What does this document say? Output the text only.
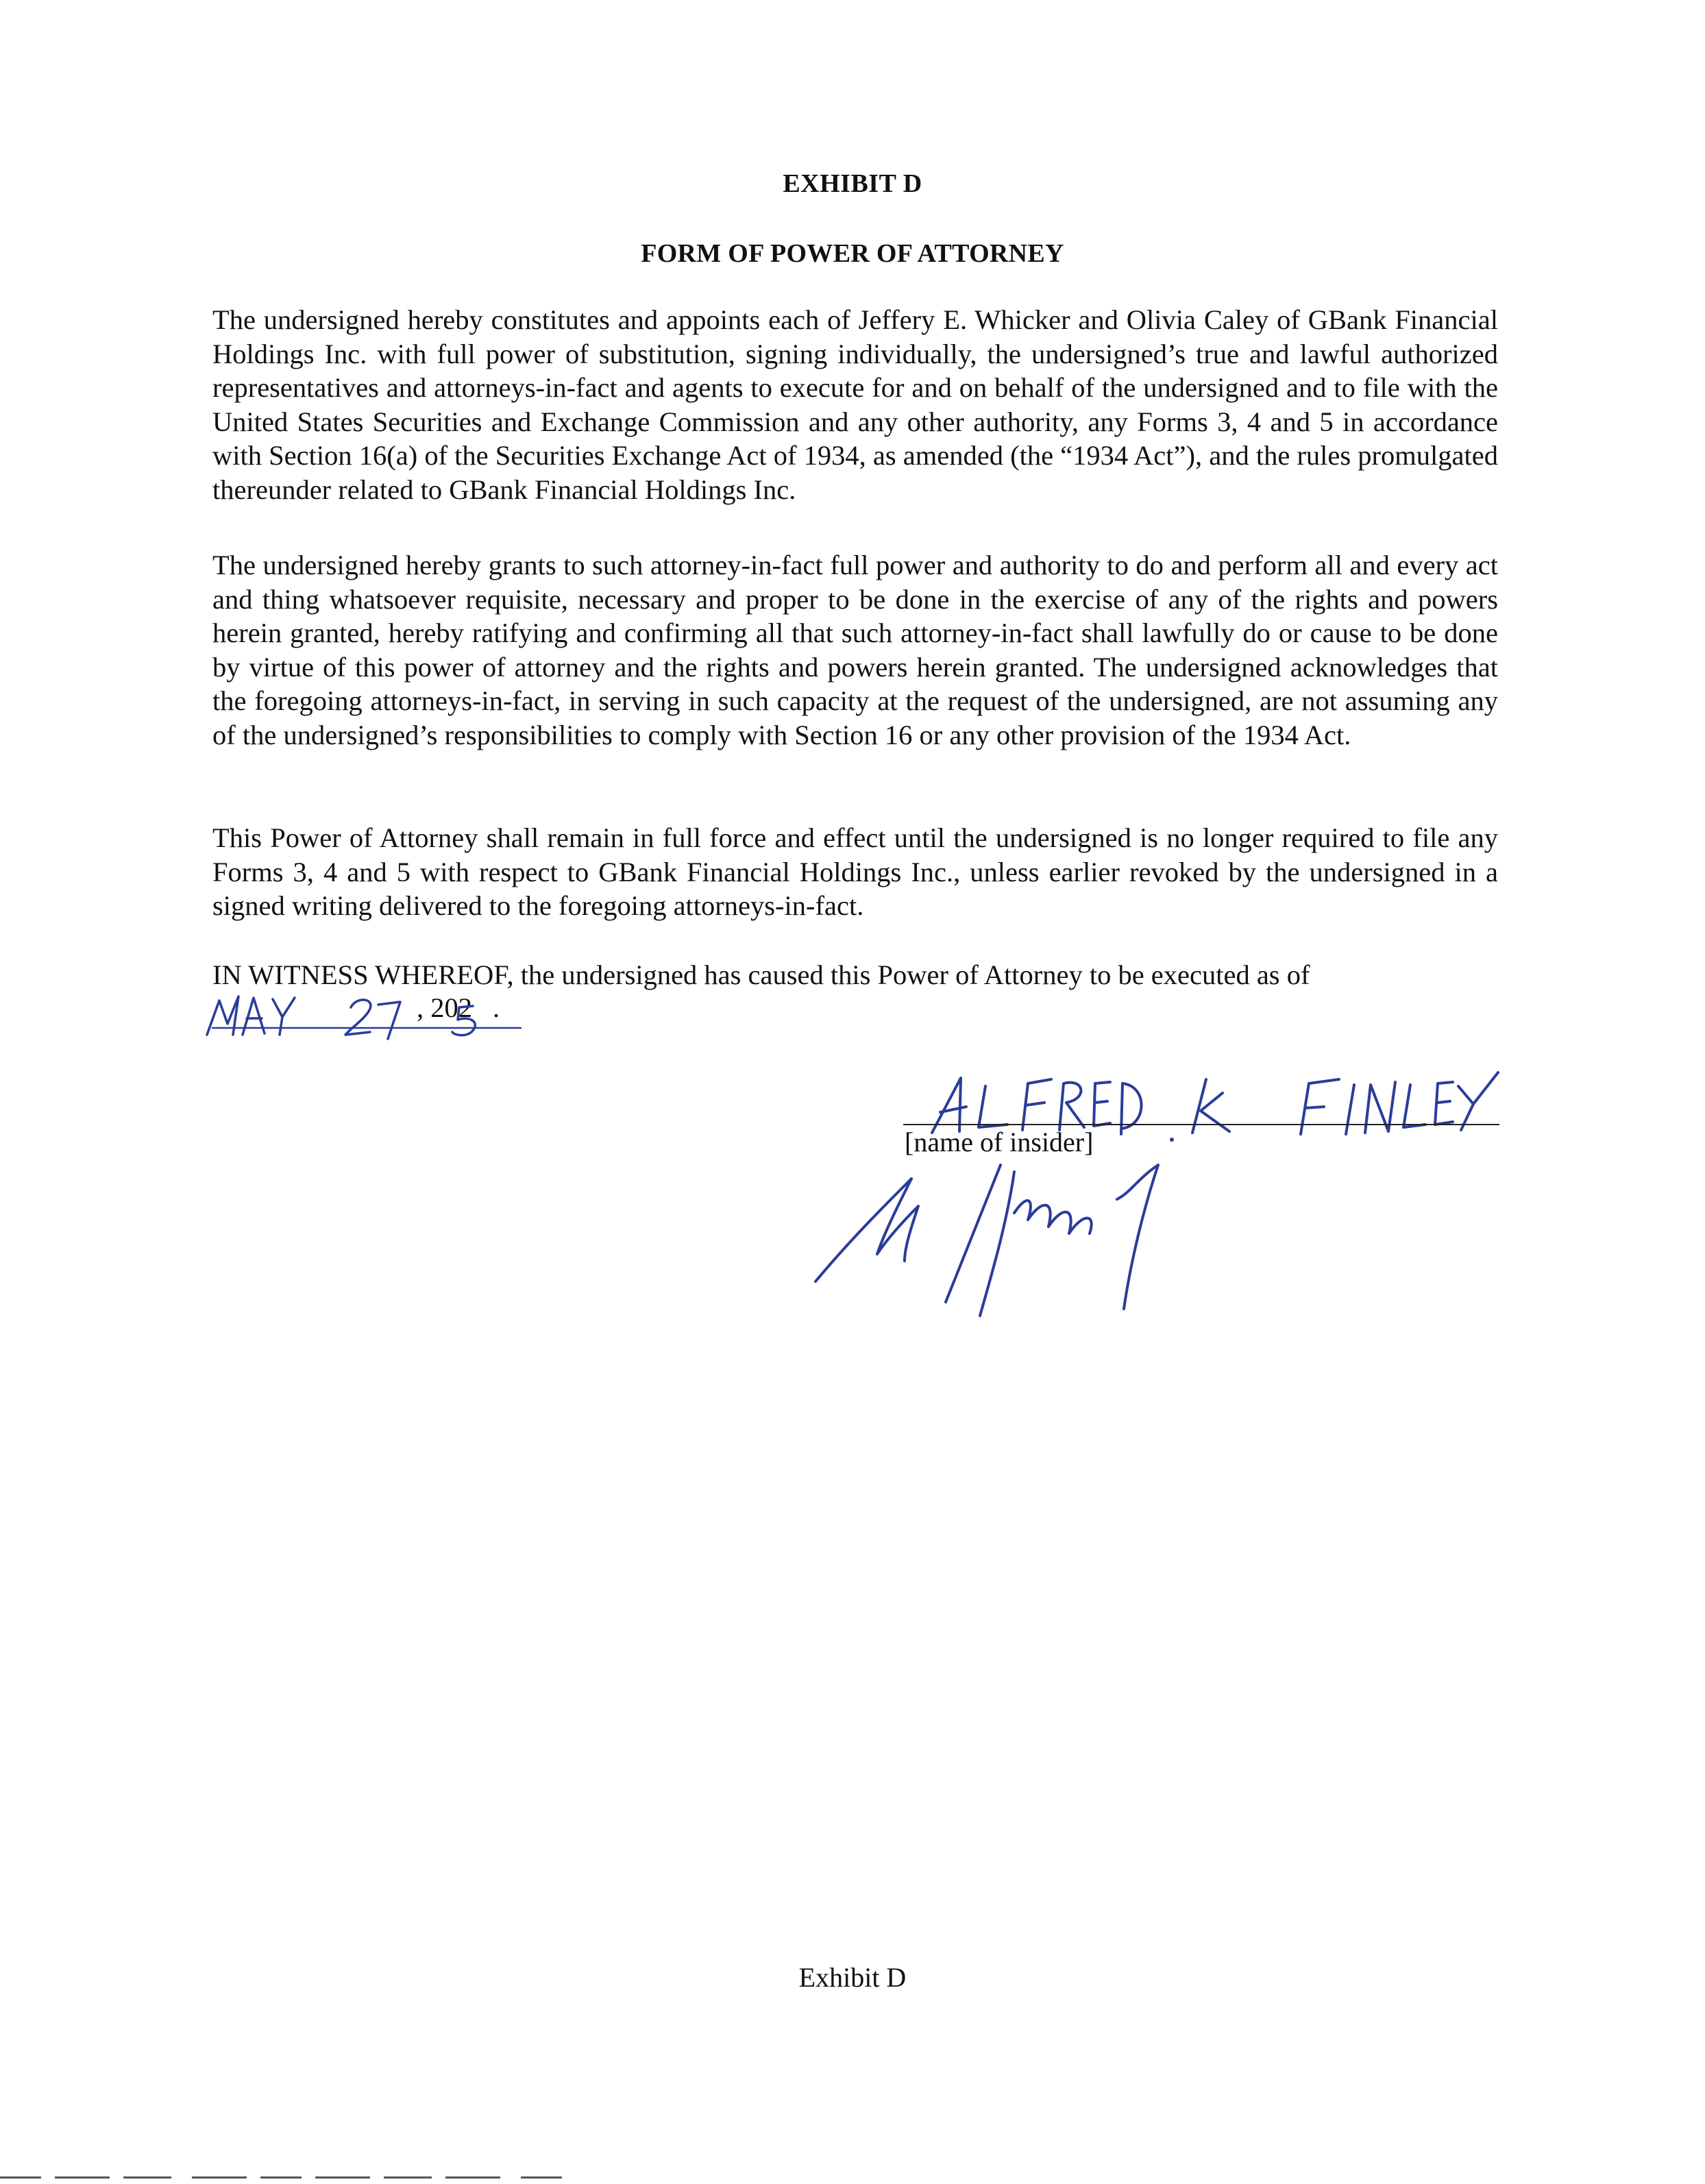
EXHIBIT D
FORM OF POWER OF ATTORNEY

The undersigned hereby constitutes and appoints each of Jeffery E. Whicker and Olivia Caley of GBank Financial Holdings Inc. with full power of substitution, signing individually, the undersigned’s true and lawful authorized representatives and attorneys-in-fact and agents to execute for and on behalf of the undersigned and to file with the United States Securities and Exchange Commission and any other authority, any Forms 3, 4 and 5 in accordance with Section 16(a) of the Securities Exchange Act of 1934, as amended (the “1934 Act”), and the rules promulgated thereunder related to GBank Financial Holdings Inc.

The undersigned hereby grants to such attorney-in-fact full power and authority to do and perform all and every act and thing whatsoever requisite, necessary and proper to be done in the exercise of any of the rights and powers herein granted, hereby ratifying and confirming all that such attorney-in-fact shall lawfully do or cause to be done by virtue of this power of attorney and the rights and powers herein granted. The undersigned acknowledges that the foregoing attorneys-in-fact, in serving in such capacity at the request of the undersigned, are not assuming any of the undersigned’s responsibilities to comply with Section 16 or any other provision of the 1934 Act.

This Power of Attorney shall remain in full force and effect until the undersigned is no longer required to file any Forms 3, 4 and 5 with respect to GBank Financial Holdings Inc., unless earlier revoked by the undersigned in a signed writing delivered to the foregoing attorneys-in-fact.

IN WITNESS WHEREOF, the undersigned has caused this Power of Attorney to be executed as of

, 202 .
[name of insider]
Exhibit D
